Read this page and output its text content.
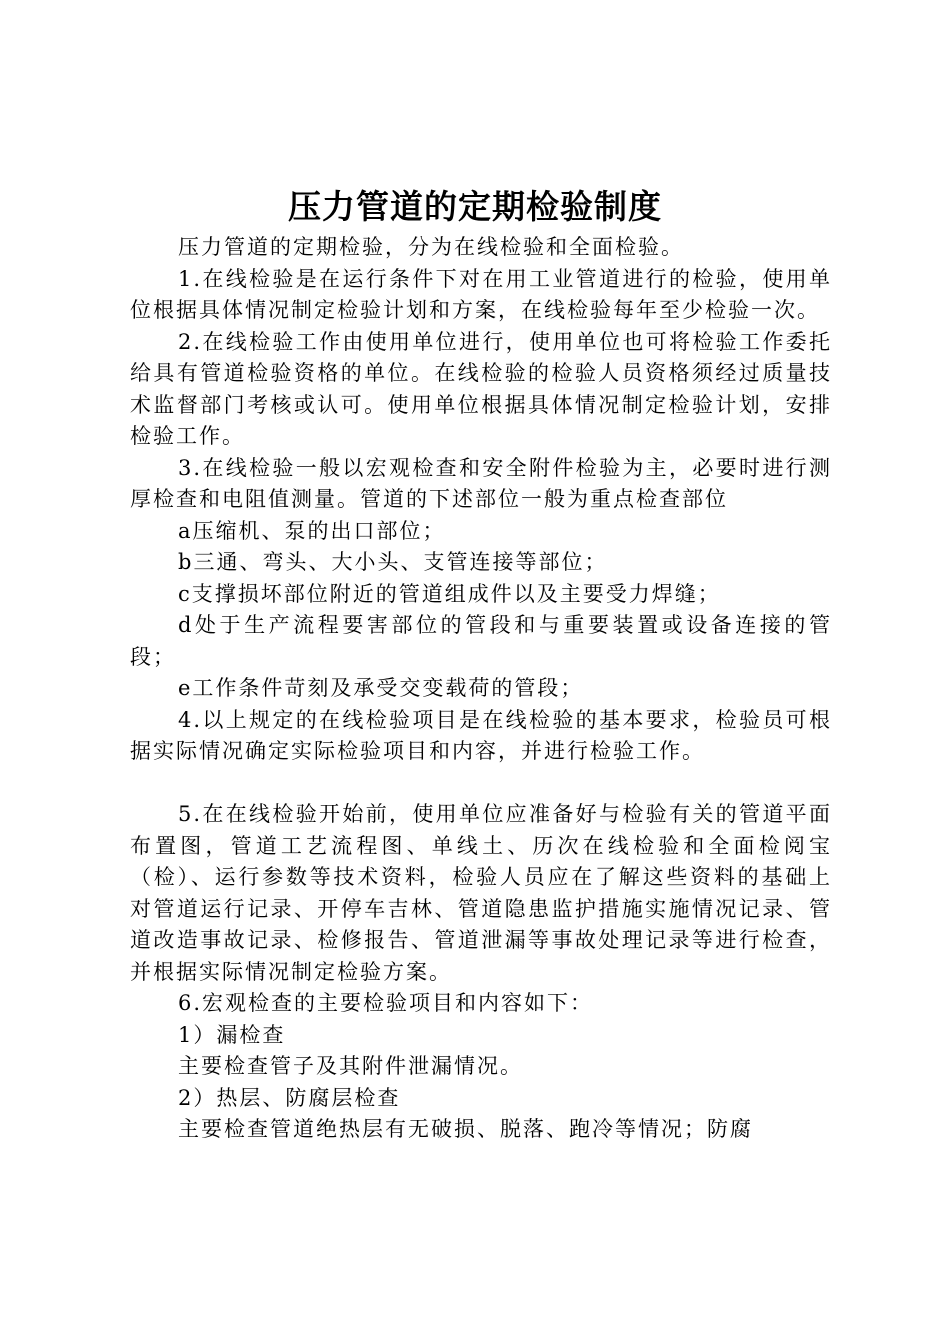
压力管道的定期检验制度

压力管道的定期检验，分为在线检验和全面检验。

1.在线检验是在运行条件下对在用工业管道进行的检验，使用单位根据具体情况制定检验计划和方案，在线检验每年至少检验一次。

2.在线检验工作由使用单位进行，使用单位也可将检验工作委托给具有管道检验资格的单位。在线检验的检验人员资格须经过质量技术监督部门考核或认可。使用单位根据具体情况制定检验计划，安排检验工作。

3.在线检验一般以宏观检查和安全附件检验为主，必要时进行测厚检查和电阻值测量。管道的下述部位一般为重点检查部位

a压缩机、泵的出口部位；

b三通、弯头、大小头、支管连接等部位；

c支撑损坏部位附近的管道组成件以及主要受力焊缝；

d处于生产流程要害部位的管段和与重要装置或设备连接的管段；

e工作条件苛刻及承受交变载荷的管段；

4.以上规定的在线检验项目是在线检验的基本要求，检验员可根据实际情况确定实际检验项目和内容，并进行检验工作。

5.在在线检验开始前，使用单位应准备好与检验有关的管道平面布置图，管道工艺流程图、单线土、历次在线检验和全面检阅宝（检）、运行参数等技术资料，检验人员应在了解这些资料的基础上对管道运行记录、开停车吉林、管道隐患监护措施实施情况记录、管道改造事故记录、检修报告、管道泄漏等事故处理记录等进行检查，并根据实际情况制定检验方案。

6.宏观检查的主要检验项目和内容如下：

1）漏检查

主要检查管子及其附件泄漏情况。

2）热层、防腐层检查

主要检查管道绝热层有无破损、脱落、跑冷等情况；防腐
